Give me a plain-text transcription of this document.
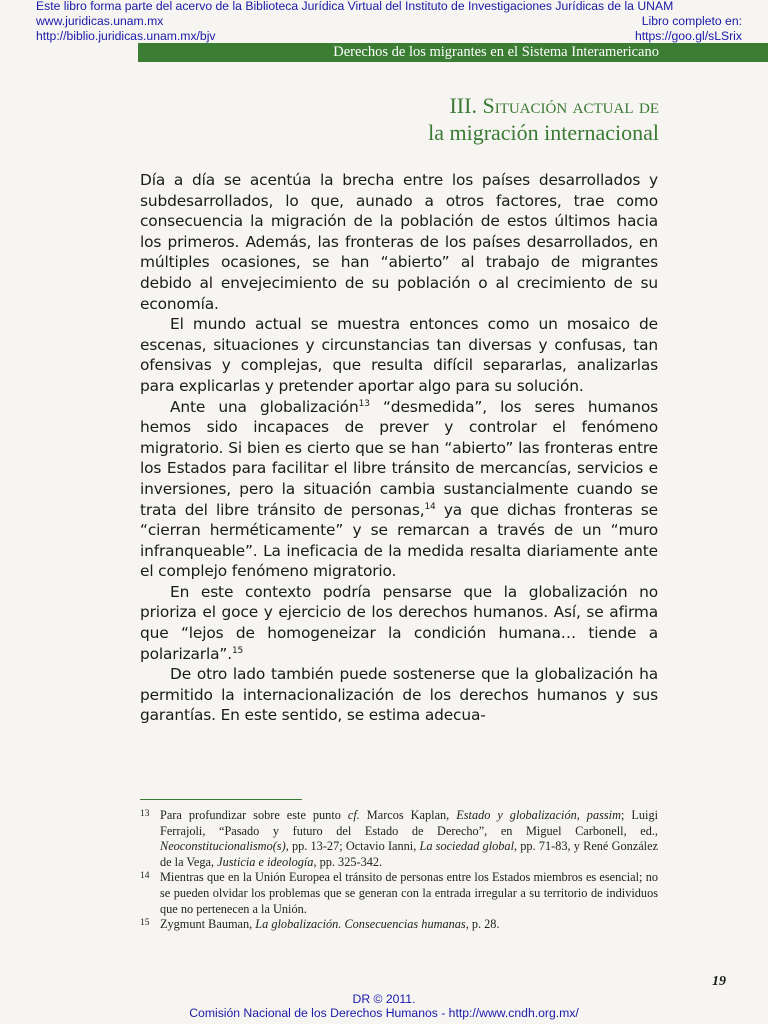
Este libro forma parte del acervo de la Biblioteca Jurídica Virtual del Instituto de Investigaciones Jurídicas de la UNAM
www.juridicas.unam.mx
http://biblio.juridicas.unam.mx/bjv
Libro completo en:
https://goo.gl/sLSrix
Derechos de los migrantes en el Sistema Interamericano
III. Situación actual de
la migración internacional

Día a día se acentúa la brecha entre los países desarrollados y subdesarrollados, lo que, aunado a otros factores, trae como consecuencia la migración de la población de estos últimos hacia los primeros. Además, las fronteras de los países desarrollados, en múltiples ocasiones, se han “abierto” al trabajo de migrantes debido al envejecimiento de su población o al crecimiento de su economía.

El mundo actual se muestra entonces como un mosaico de escenas, situaciones y circunstancias tan diversas y confusas, tan ofensivas y complejas, que resulta difícil separarlas, analizarlas para explicarlas y pretender aportar algo para su solución.

Ante una globalización$^{13}$ “desmedida”, los seres humanos hemos sido incapaces de prever y controlar el fenómeno migratorio. Si bien es cierto que se han “abierto” las fronteras entre los Estados para facilitar el libre tránsito de mercancías, servicios e inversiones, pero la situación cambia sustancialmente cuando se trata del libre tránsito de personas,$^{14}$ ya que dichas fronteras se “cierran herméticamente” y se remarcan a través de un “muro infranqueable”. La ineficacia de la medida resalta diariamente ante el complejo fenómeno migratorio.

En este contexto podría pensarse que la globalización no prioriza el goce y ejercicio de los derechos humanos. Así, se afirma que “lejos de homogeneizar la condición humana… tiende a polarizarla”.$^{15}$

De otro lado también puede sostenerse que la globalización ha permitido la internacionalización de los derechos humanos y sus garantías. En este sentido, se estima adecua-

13 Para profundizar sobre este punto cf. Marcos Kaplan, Estado y globalización, passim; Luigi Ferrajoli, “Pasado y futuro del Estado de Derecho”, en Miguel Carbonell, ed., Neoconstitucionalismo(s), pp. 13-27; Octavio Ianni, La sociedad global, pp. 71-83, y René González de la Vega, Justicia e ideología, pp. 325-342.
14 Mientras que en la Unión Europea el tránsito de personas entre los Estados miembros es esencial; no se pueden olvidar los problemas que se generan con la entrada irregular a su territorio de individuos que no pertenecen a la Unión.
15 Zygmunt Bauman, La globalización. Consecuencias humanas, p. 28.
19
DR © 2011.
Comisión Nacional de los Derechos Humanos - http://www.cndh.org.mx/
